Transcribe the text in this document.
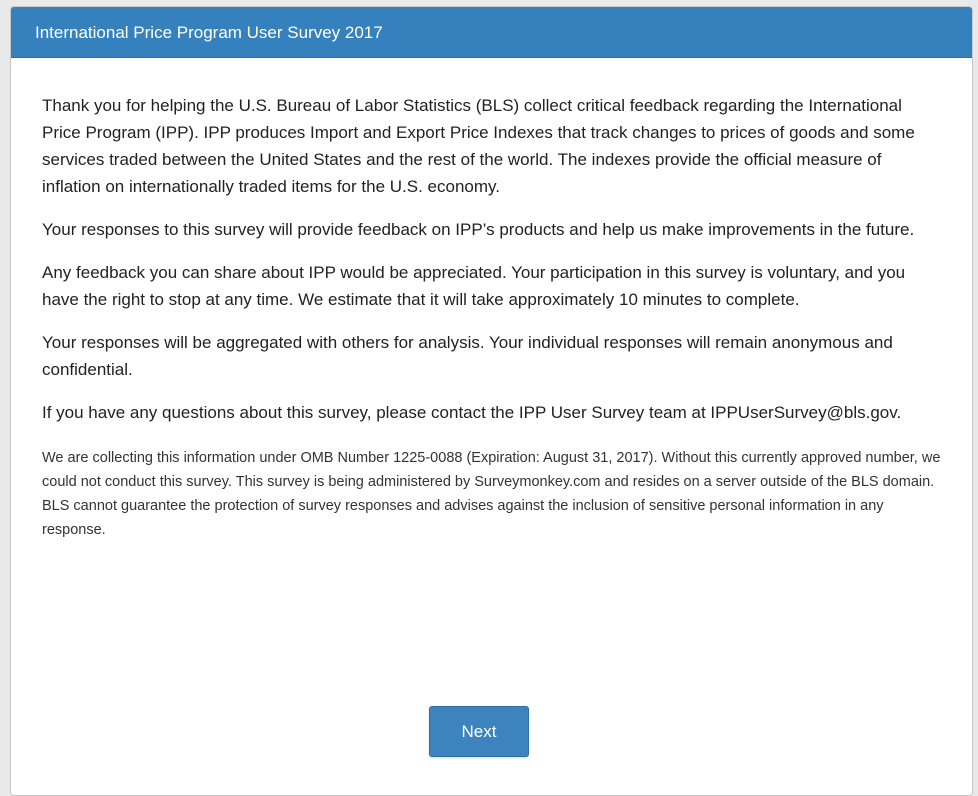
International Price Program User Survey 2017

Thank you for helping the U.S. Bureau of Labor Statistics (BLS) collect critical feedback regarding the International Price Program (IPP). IPP produces Import and Export Price Indexes that track changes to prices of goods and some services traded between the United States and the rest of the world. The indexes provide the official measure of inflation on internationally traded items for the U.S. economy.

Your responses to this survey will provide feedback on IPP’s products and help us make improvements in the future.

Any feedback you can share about IPP would be appreciated. Your participation in this survey is voluntary, and you have the right to stop at any time. We estimate that it will take approximately 10 minutes to complete.

Your responses will be aggregated with others for analysis. Your individual responses will remain anonymous and confidential.

If you have any questions about this survey, please contact the IPP User Survey team at IPPUserSurvey@bls.gov.

We are collecting this information under OMB Number 1225-0088 (Expiration: August 31, 2017). Without this currently approved number, we could not conduct this survey. This survey is being administered by Surveymonkey.com and resides on a server outside of the BLS domain. BLS cannot guarantee the protection of survey responses and advises against the inclusion of sensitive personal information in any response.

Next
